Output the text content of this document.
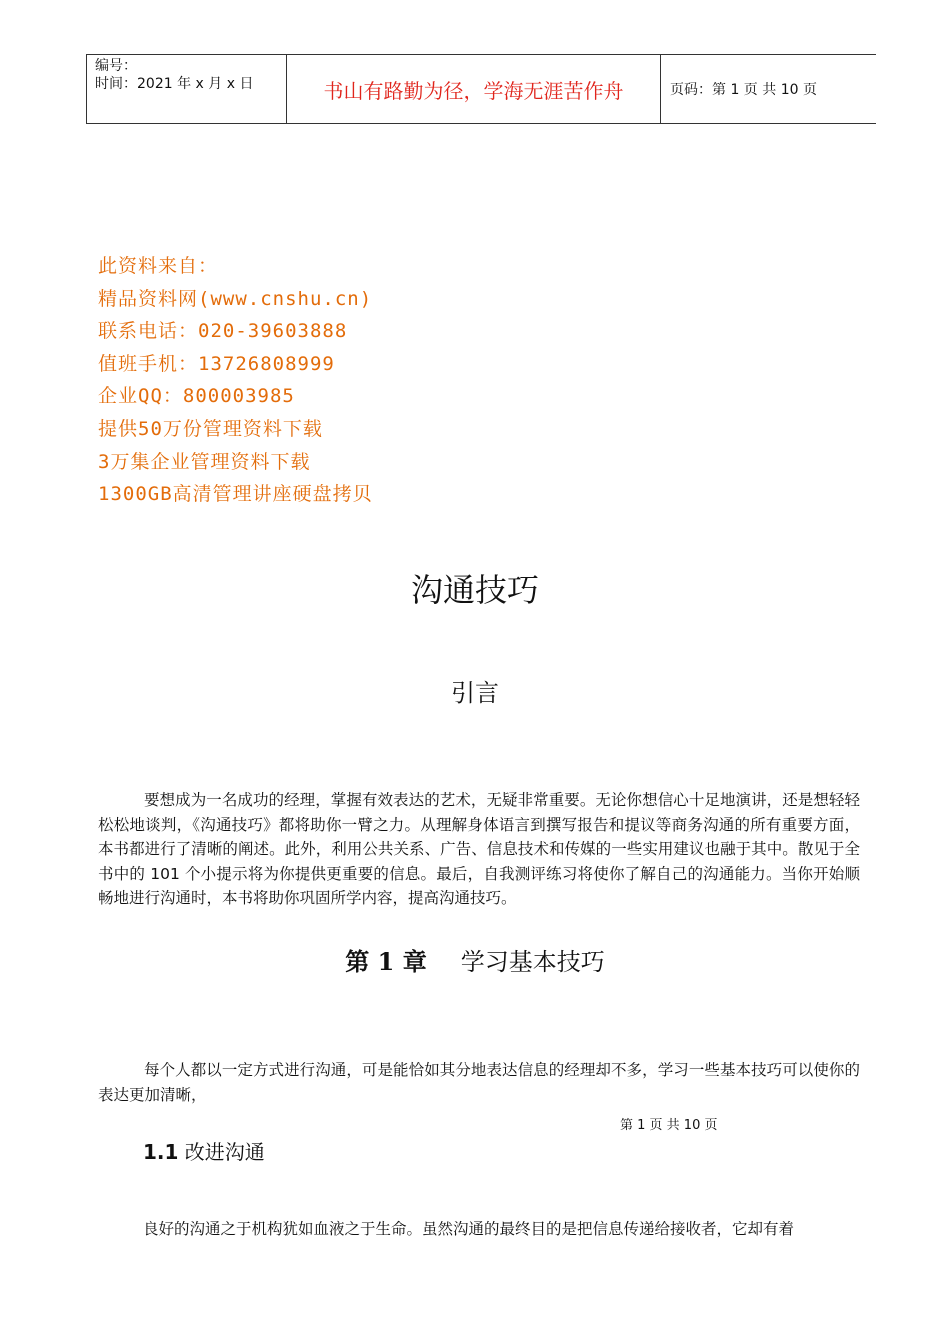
编号：
时间：2021 年 x 月 x 日	书山有路勤为径，学海无涯苦作舟	页码：第 1 页 共 10 页
此资料来自：
精品资料网(www.cnshu.cn)
联系电话：020-39603888
值班手机：13726808999
企业QQ：800003985
提供50万份管理资料下载
3万集企业管理资料下载
1300GB高清管理讲座硬盘拷贝
沟通技巧
引言

要想成为一名成功的经理，掌握有效表达的艺术，无疑非常重要。无论你想信心十足地演讲，还是想轻轻松松地谈判，《沟通技巧》都将助你一臂之力。从理解身体语言到撰写报告和提议等商务沟通的所有重要方面，本书都进行了清晰的阐述。此外，利用公共关系、广告、信息技术和传媒的一些实用建议也融于其中。散见于全书中的 101 个小提示将为你提供更重要的信息。最后，自我测评练习将使你了解自己的沟通能力。当你开始顺畅地进行沟通时，本书将助你巩固所学内容，提高沟通技巧。

第 1 章 学习基本技巧

每个人都以一定方式进行沟通，可是能恰如其分地表达信息的经理却不多，学习一些基本技巧可以使你的表达更加清晰，

第 1 页 共 10 页
1.1 改进沟通

良好的沟通之于机构犹如血液之于生命。虽然沟通的最终目的是把信息传递给接收者，它却有着
